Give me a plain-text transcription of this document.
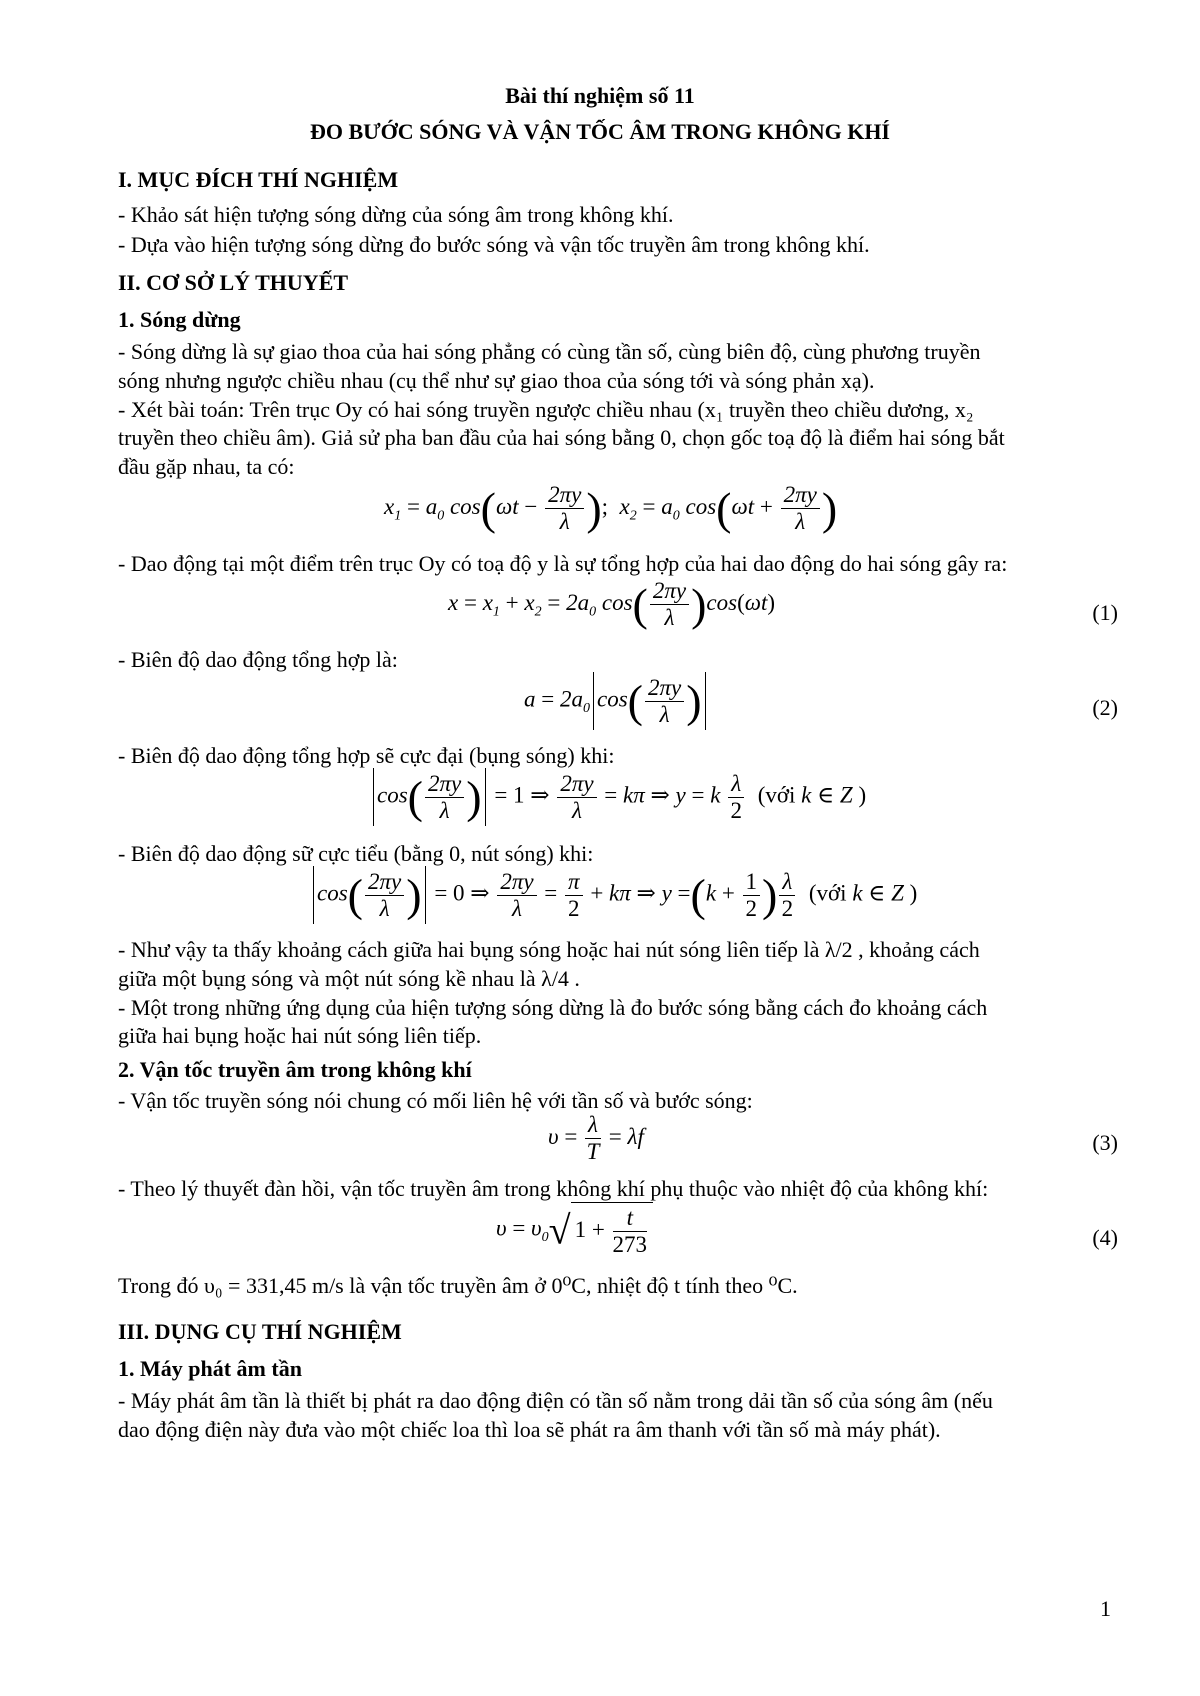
Bài thí nghiệm số 11
ĐO BƯỚC SÓNG VÀ VẬN TỐC ÂM TRONG KHÔNG KHÍ
I. MỤC ĐÍCH THÍ NGHIỆM
- Khảo sát hiện tượng sóng dừng của sóng âm trong không khí.
- Dựa vào hiện tượng sóng dừng đo bước sóng và vận tốc truyền âm trong không khí.
II. CƠ SỞ LÝ THUYẾT
1. Sóng dừng
- Sóng dừng là sự giao thoa của hai sóng phẳng có cùng tần số, cùng biên độ, cùng phương truyền
sóng nhưng ngược chiều nhau (cụ thể như sự giao thoa của sóng tới và sóng phản xạ).
- Xét bài toán: Trên trục Oy có hai sóng truyền ngược chiều nhau (x₁ truyền theo chiều dương, x₂
truyền theo chiều âm). Giả sử pha ban đầu của hai sóng bằng 0, chọn gốc toạ độ là điểm hai sóng bắt
đầu gặp nhau, ta có:
$x_1 = a_0$ $\cos(\omega t - \frac{2\pi y}{\lambda}$ );  $x_2 = a_0$ $\cos(\omega t + \frac{2\pi y}{\lambda}$ )
- Dao động tại một điểm trên trục Oy có toạ độ y là sự tổng hợp của hai dao động do hai sóng gây ra:
$x = x_1 + x_2 = 2a_0$ $\cos( \frac{2\pi y}{\lambda} )\cos(\omega t)$	(1)
- Biên độ dao động tổng hợp là:
$a = 2a_0$ $\cos( \frac{2\pi y}{\lambda}$ )	(2)
- Biên độ dao động tổng hợp sẽ cực đại (bụng sóng) khi:
$\cos( \frac{2\pi y}{\lambda}$ ) = 1 ⇒ $\frac{2\pi y}{\lambda} = k\pi$ ⇒ y = k $\frac{\lambda}{2}$ (với k ∈ Z )
- Biên độ dao động sữ cực tiểu (bằng 0, nút sóng) khi:
$\cos( \frac{2\pi y}{\lambda}$ ) = 0 ⇒ $\frac{2\pi y}{\lambda} = \frac{\pi}{2} + k\pi$ ⇒ $y =(k + \frac{1}{2}$ ) $\frac{\lambda}{2}$ (với k ∈ Z )
- Như vậy ta thấy khoảng cách giữa hai bụng sóng hoặc hai nút sóng liên tiếp là λ/2 , khoảng cách
giữa một bụng sóng và một nút sóng kề nhau là λ/4 .
- Một trong những ứng dụng của hiện tượng sóng dừng là đo bước sóng bằng cách đo khoảng cách
giữa hai bụng hoặc hai nút sóng liên tiếp.
2. Vận tốc truyền âm trong không khí
- Vận tốc truyền sóng nói chung có mối liên hệ với tần số và bước sóng:
$\upsilon = \frac{\lambda}{T} = \lambda f$	(3)
- Theo lý thuyết đàn hồi, vận tốc truyền âm trong không khí phụ thuộc vào nhiệt độ của không khí:
$\upsilon = \upsilon_0√$ $1 + \frac{t}{273}$	(4)
Trong đó υ₀ = 331,45 m/s là vận tốc truyền âm ở 0⁰C, nhiệt độ t tính theo ⁰C.
III. DỤNG CỤ THÍ NGHIỆM
1. Máy phát âm tần
- Máy phát âm tần là thiết bị phát ra dao động điện có tần số nằm trong dải tần số của sóng âm (nếu
dao động điện này đưa vào một chiếc loa thì loa sẽ phát ra âm thanh với tần số mà máy phát).
1
